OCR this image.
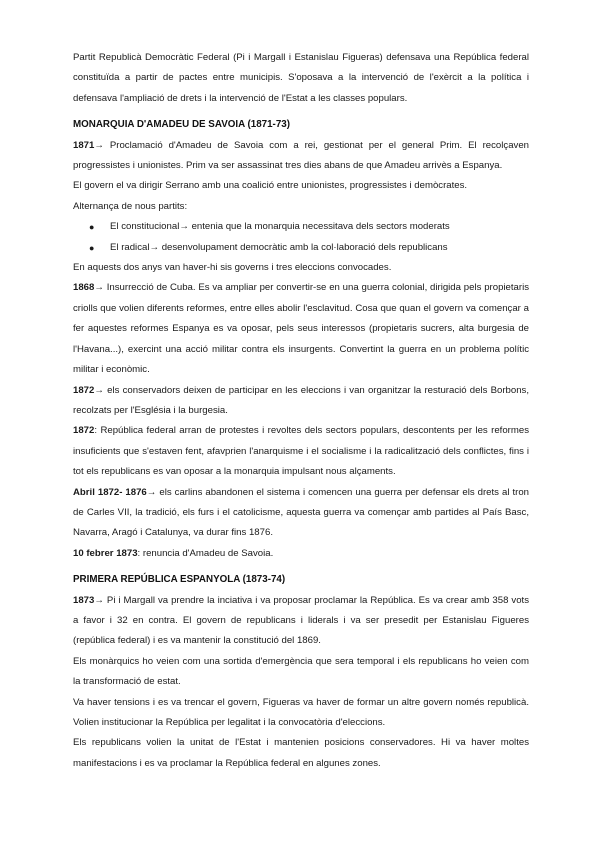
Partit Republicà Democràtic Federal (Pi i Margall i Estanislau Figueras) defensava una República federal constituïda a partir de pactes entre municipis. S'oposava a la intervenció de l'exèrcit a la política i defensava l'ampliació de drets i la intervenció de l'Estat a les classes populars.

MONARQUIA D'AMADEU DE SAVOIA (1871-73)

1871→ Proclamació d'Amadeu de Savoia com a rei, gestionat per el general Prim. El recolçaven progressistes i unionistes. Prim va ser assassinat tres dies abans de que Amadeu arrivès a Espanya.

El govern el va dirigir Serrano amb una coalició entre unionistes, progressistes i demòcrates.

Alternança de nous partits:

● El constitucional→ entenia que la monarquia necessitava dels sectors moderats
● El radical→ desenvolupament democràtic amb la col·laboració dels republicans

En aquests dos anys van haver-hi sis governs i tres eleccions convocades.

1868→ Insurrecció de Cuba. Es va ampliar per convertir-se en una guerra colonial, dirigida pels propietaris criolls que volien diferents reformes, entre elles abolir l'esclavitud. Cosa que quan el govern va començar a fer aquestes reformes Espanya es va oposar, pels seus interessos (propietaris sucrers, alta burgesia de l'Havana...), exercint una acció militar contra els insurgents. Convertint la guerra en un problema polític militar i econòmic.

1872→ els conservadors deixen de participar en les eleccions i van organitzar la resturació dels Borbons, recolzats per l'Església i la burgesia.

1872: República federal arran de protestes i revoltes dels sectors populars, descontents per les reformes insuficients que s'estaven fent, afavprien l'anarquisme i el socialisme i la radicalització dels conflictes, fins i tot els republicans es van oposar a la monarquia impulsant nous alçaments.

Abril 1872- 1876→ els carlins abandonen el sistema i comencen una guerra per defensar els drets al tron de Carles VII, la tradició, els furs i el catolicisme, aquesta guerra va començar amb partides al País Basc, Navarra, Aragó i Catalunya, va durar fins 1876.

10 febrer 1873: renuncia d'Amadeu de Savoia.

PRIMERA REPÚBLICA ESPANYOLA (1873-74)

1873→ Pi i Margall va prendre la inciativa i va proposar proclamar la República. Es va crear amb 358 vots a favor i 32 en contra. El govern de republicans i liderals i va ser presedit per Estanislau Figueres (república federal) i es va mantenir la constitució del 1869.

Els monàrquics ho veien com una sortida d'emergència que sera temporal i els republicans ho veien com la transformació de estat.

Va haver tensions i es va trencar el govern, Figueras va haver de formar un altre govern només republicà. Volien institucionar la República per legalitat i la convocatòria d'eleccions.

Els republicans volien la unitat de l'Estat i mantenien posicions conservadores. Hi va haver moltes manifestacions i es va proclamar la República federal en algunes zones.
